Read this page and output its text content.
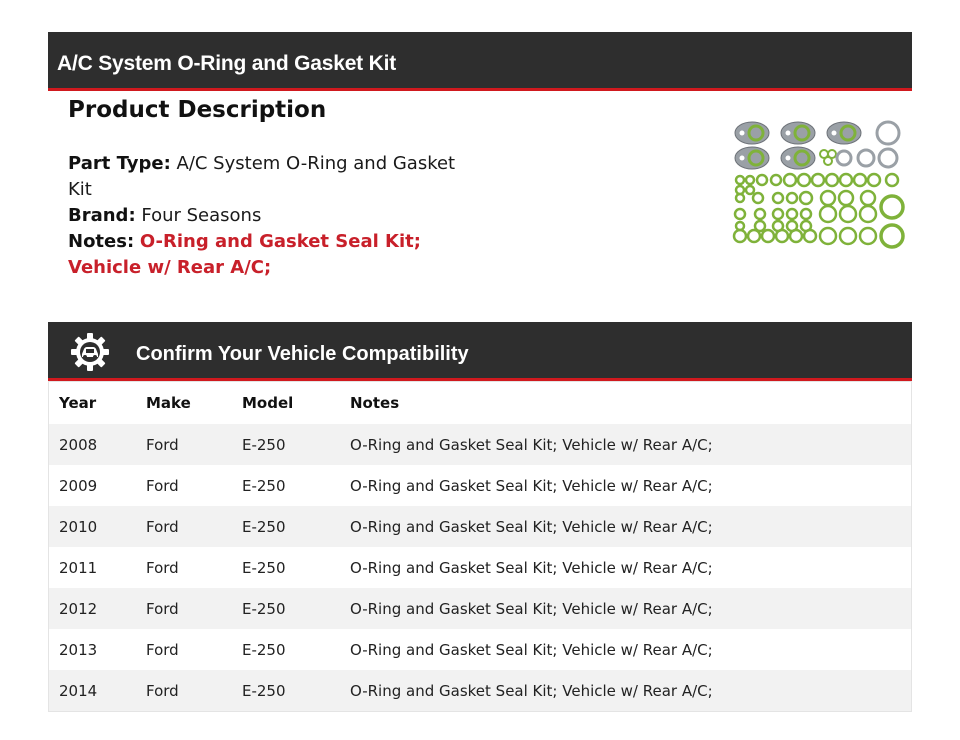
A/C System O-Ring and Gasket Kit
Product Description
Part Type: A/C System O-Ring and Gasket Kit
Brand: Four Seasons
Notes: O-Ring and Gasket Seal Kit; Vehicle w/ Rear A/C;
Confirm Your Vehicle Compatibility
Year	Make	Model	Notes
2008	Ford	E-250	O-Ring and Gasket Seal Kit; Vehicle w/ Rear A/C;
2009	Ford	E-250	O-Ring and Gasket Seal Kit; Vehicle w/ Rear A/C;
2010	Ford	E-250	O-Ring and Gasket Seal Kit; Vehicle w/ Rear A/C;
2011	Ford	E-250	O-Ring and Gasket Seal Kit; Vehicle w/ Rear A/C;
2012	Ford	E-250	O-Ring and Gasket Seal Kit; Vehicle w/ Rear A/C;
2013	Ford	E-250	O-Ring and Gasket Seal Kit; Vehicle w/ Rear A/C;
2014	Ford	E-250	O-Ring and Gasket Seal Kit; Vehicle w/ Rear A/C;
